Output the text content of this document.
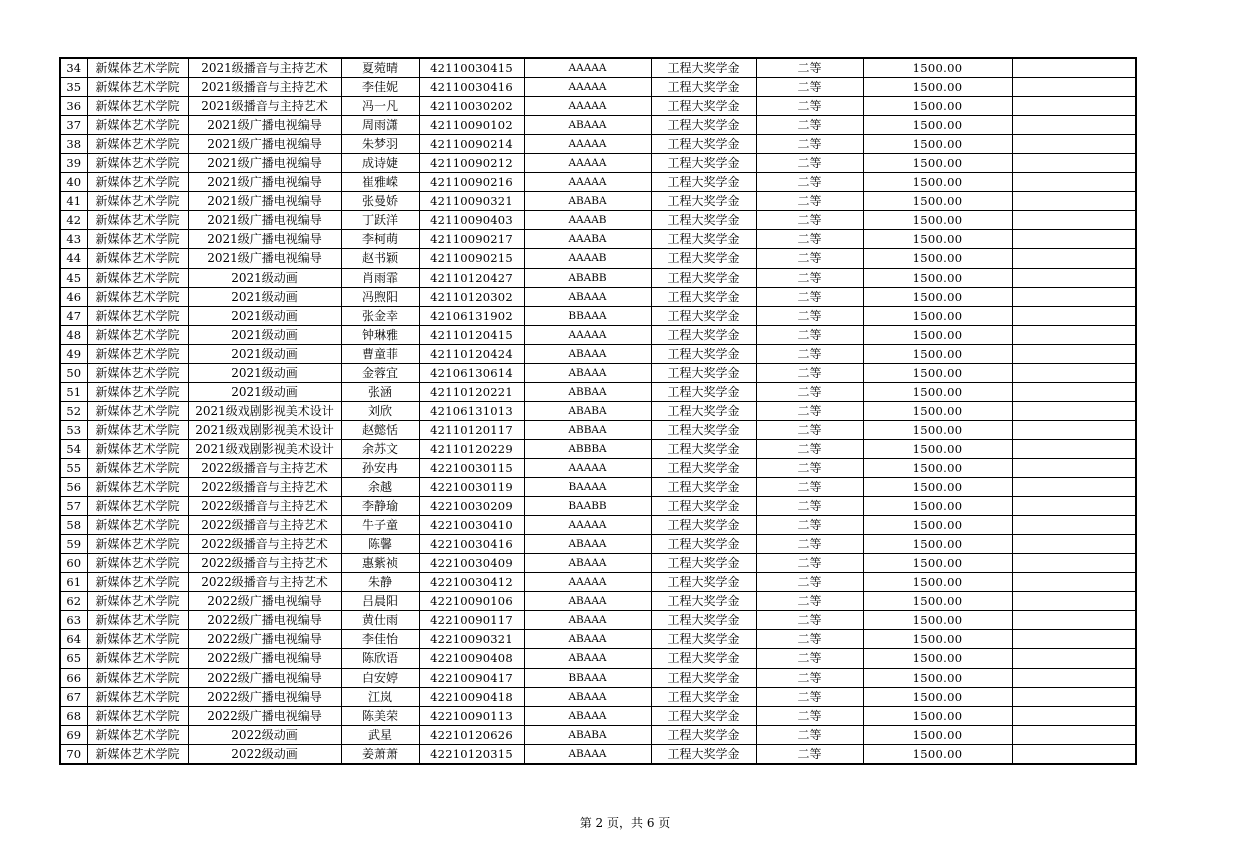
34	新媒体艺术学院	2021级播音与主持艺术	夏菀晴	42110030415	AAAAA	工程大奖学金	二等	1500.00	
35	新媒体艺术学院	2021级播音与主持艺术	李佳妮	42110030416	AAAAA	工程大奖学金	二等	1500.00	
36	新媒体艺术学院	2021级播音与主持艺术	冯一凡	42110030202	AAAAA	工程大奖学金	二等	1500.00	
37	新媒体艺术学院	2021级广播电视编导	周雨潇	42110090102	ABAAA	工程大奖学金	二等	1500.00	
38	新媒体艺术学院	2021级广播电视编导	朱梦羽	42110090214	AAAAA	工程大奖学金	二等	1500.00	
39	新媒体艺术学院	2021级广播电视编导	成诗婕	42110090212	AAAAA	工程大奖学金	二等	1500.00	
40	新媒体艺术学院	2021级广播电视编导	崔雅嵘	42110090216	AAAAA	工程大奖学金	二等	1500.00	
41	新媒体艺术学院	2021级广播电视编导	张曼娇	42110090321	ABABA	工程大奖学金	二等	1500.00	
42	新媒体艺术学院	2021级广播电视编导	丁跃洋	42110090403	AAAAB	工程大奖学金	二等	1500.00	
43	新媒体艺术学院	2021级广播电视编导	李柯萌	42110090217	AAABA	工程大奖学金	二等	1500.00	
44	新媒体艺术学院	2021级广播电视编导	赵书颖	42110090215	AAAAB	工程大奖学金	二等	1500.00	
45	新媒体艺术学院	2021级动画	肖雨霏	42110120427	ABABB	工程大奖学金	二等	1500.00	
46	新媒体艺术学院	2021级动画	冯煦阳	42110120302	ABAAA	工程大奖学金	二等	1500.00	
47	新媒体艺术学院	2021级动画	张金幸	42106131902	BBAAA	工程大奖学金	二等	1500.00	
48	新媒体艺术学院	2021级动画	钟琳雅	42110120415	AAAAA	工程大奖学金	二等	1500.00	
49	新媒体艺术学院	2021级动画	曹童菲	42110120424	ABAAA	工程大奖学金	二等	1500.00	
50	新媒体艺术学院	2021级动画	金蓉宜	42106130614	ABAAA	工程大奖学金	二等	1500.00	
51	新媒体艺术学院	2021级动画	张涵	42110120221	ABBAA	工程大奖学金	二等	1500.00	
52	新媒体艺术学院	2021级戏剧影视美术设计	刘欣	42106131013	ABABA	工程大奖学金	二等	1500.00	
53	新媒体艺术学院	2021级戏剧影视美术设计	赵懿恬	42110120117	ABBAA	工程大奖学金	二等	1500.00	
54	新媒体艺术学院	2021级戏剧影视美术设计	余苏文	42110120229	ABBBA	工程大奖学金	二等	1500.00	
55	新媒体艺术学院	2022级播音与主持艺术	孙安冉	42210030115	AAAAA	工程大奖学金	二等	1500.00	
56	新媒体艺术学院	2022级播音与主持艺术	余越	42210030119	BAAAA	工程大奖学金	二等	1500.00	
57	新媒体艺术学院	2022级播音与主持艺术	李静瑜	42210030209	BAABB	工程大奖学金	二等	1500.00	
58	新媒体艺术学院	2022级播音与主持艺术	牛子童	42210030410	AAAAA	工程大奖学金	二等	1500.00	
59	新媒体艺术学院	2022级播音与主持艺术	陈馨	42210030416	ABAAA	工程大奖学金	二等	1500.00	
60	新媒体艺术学院	2022级播音与主持艺术	惠紫祯	42210030409	ABAAA	工程大奖学金	二等	1500.00	
61	新媒体艺术学院	2022级播音与主持艺术	朱静	42210030412	AAAAA	工程大奖学金	二等	1500.00	
62	新媒体艺术学院	2022级广播电视编导	吕晨阳	42210090106	ABAAA	工程大奖学金	二等	1500.00	
63	新媒体艺术学院	2022级广播电视编导	黄仕雨	42210090117	ABAAA	工程大奖学金	二等	1500.00	
64	新媒体艺术学院	2022级广播电视编导	李佳怡	42210090321	ABAAA	工程大奖学金	二等	1500.00	
65	新媒体艺术学院	2022级广播电视编导	陈欣语	42210090408	ABAAA	工程大奖学金	二等	1500.00	
66	新媒体艺术学院	2022级广播电视编导	白安婷	42210090417	BBAAA	工程大奖学金	二等	1500.00	
67	新媒体艺术学院	2022级广播电视编导	江岚	42210090418	ABAAA	工程大奖学金	二等	1500.00	
68	新媒体艺术学院	2022级广播电视编导	陈美荣	42210090113	ABAAA	工程大奖学金	二等	1500.00	
69	新媒体艺术学院	2022级动画	武星	42210120626	ABABA	工程大奖学金	二等	1500.00	
70	新媒体艺术学院	2022级动画	姜萧萧	42210120315	ABAAA	工程大奖学金	二等	1500.00	
第 2 页，共 6 页
